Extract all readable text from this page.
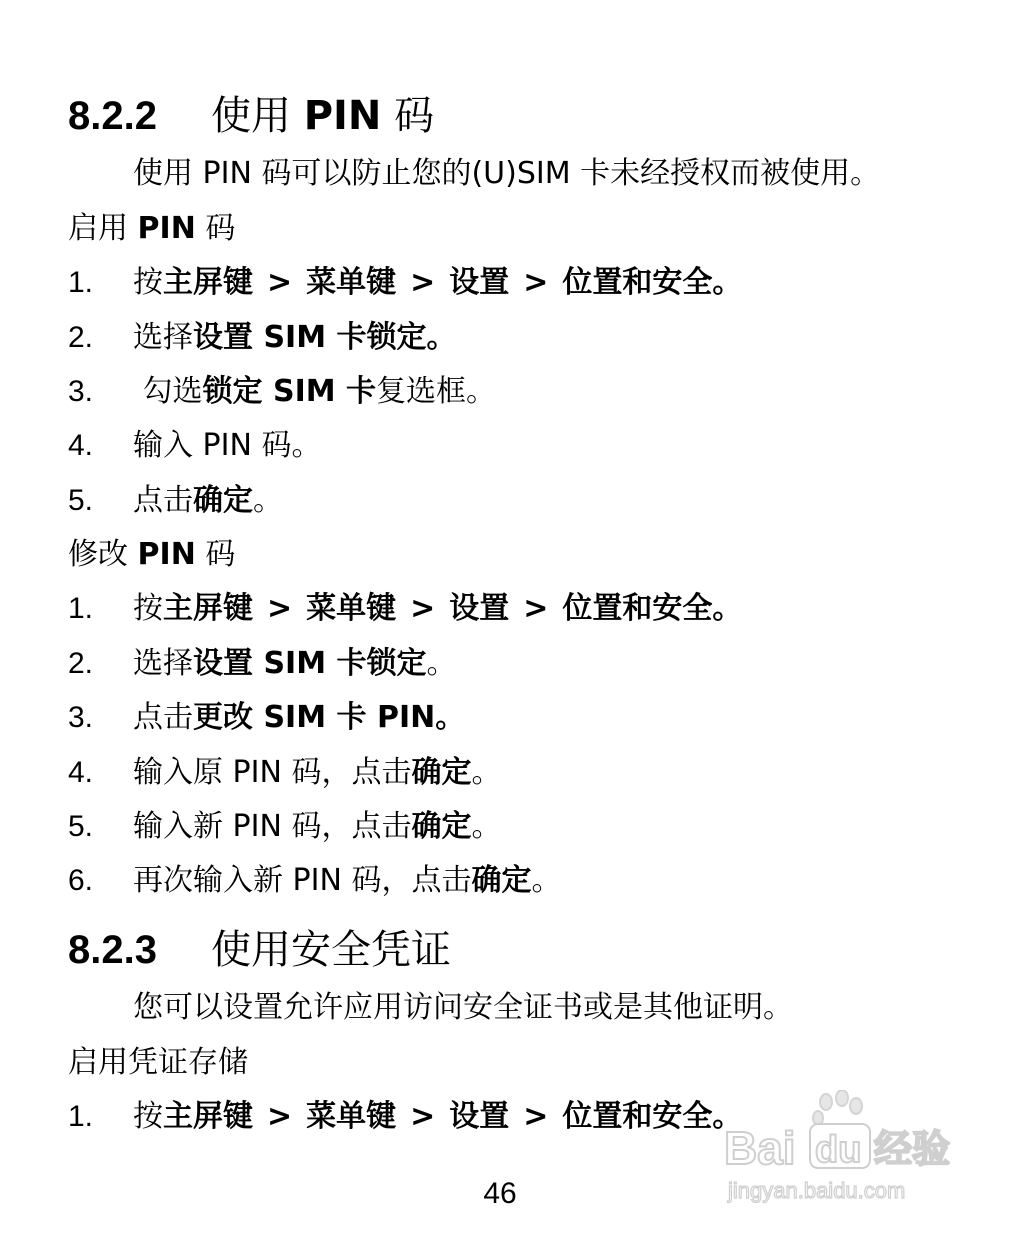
8.2.2 使用 PIN 码
使用 PIN 码可以防止您的(U)SIM 卡未经授权而被使用。
启用 PIN 码
1. 按主屏键 > 菜单键 > 设置 > 位置和安全。
2. 选择设置 SIM 卡锁定。
3. 勾选锁定 SIM 卡复选框。
4. 输入 PIN 码。
5. 点击确定。
修改 PIN 码
1. 按主屏键 > 菜单键 > 设置 > 位置和安全。
2. 选择设置 SIM 卡锁定。
3. 点击更改 SIM 卡 PIN。
4. 输入原 PIN 码，点击确定。
5. 输入新 PIN 码，点击确定。
6. 再次输入新 PIN 码，点击确定。
8.2.3 使用安全凭证
您可以设置允许应用访问安全证书或是其他证明。
启用凭证存储
1. 按主屏键 > 菜单键 > 设置 > 位置和安全。
46
Bai du 经验
jingyan.baidu.com
